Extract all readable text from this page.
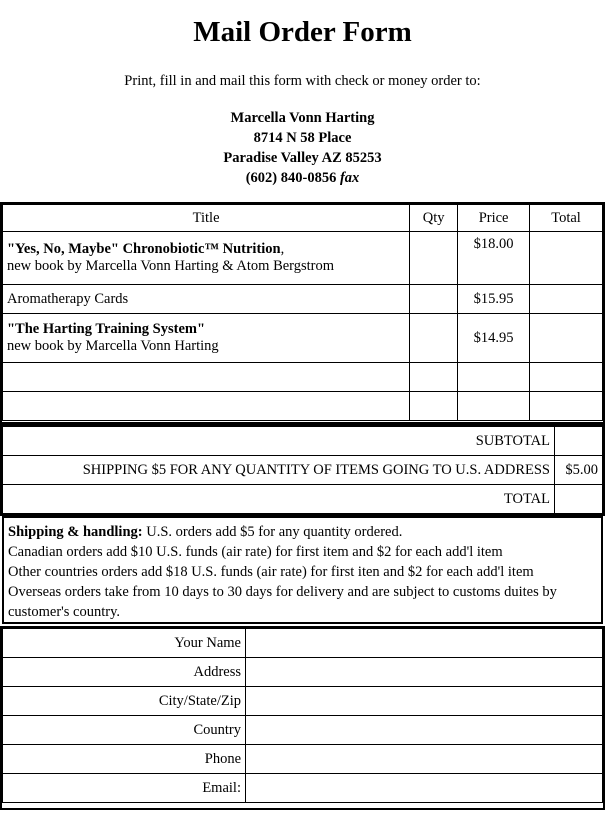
Mail Order Form
Print, fill in and mail this form with check or money order to:
Marcella Vonn Harting
8714 N 58 Place
Paradise Valley AZ 85253
(602) 840-0856 fax
Title	Qty	Price	Total
"Yes, No, Maybe" Chronobiotic™ Nutrition,
new book by Marcella Vonn Harting & Atom Bergstrom		$18.00	
Aromatherapy Cards		$15.95	
"The Harting Training System"
new book by Marcella Vonn Harting		$14.95	

SUBTOTAL	
SHIPPING $5 FOR ANY QUANTITY OF ITEMS GOING TO U.S. ADDRESS	$5.00
TOTAL	
Shipping & handling: U.S. orders add $5 for any quantity ordered.
Canadian orders add $10 U.S. funds (air rate) for first item and $2 for each add'l item
Other countries orders add $18 U.S. funds (air rate) for first iten and $2 for each add'l item
Overseas orders take from 10 days to 30 days for delivery and are subject to customs duites by customer's country.
Your Name	
Address	
City/State/Zip	
Country	
Phone	
Email:	
